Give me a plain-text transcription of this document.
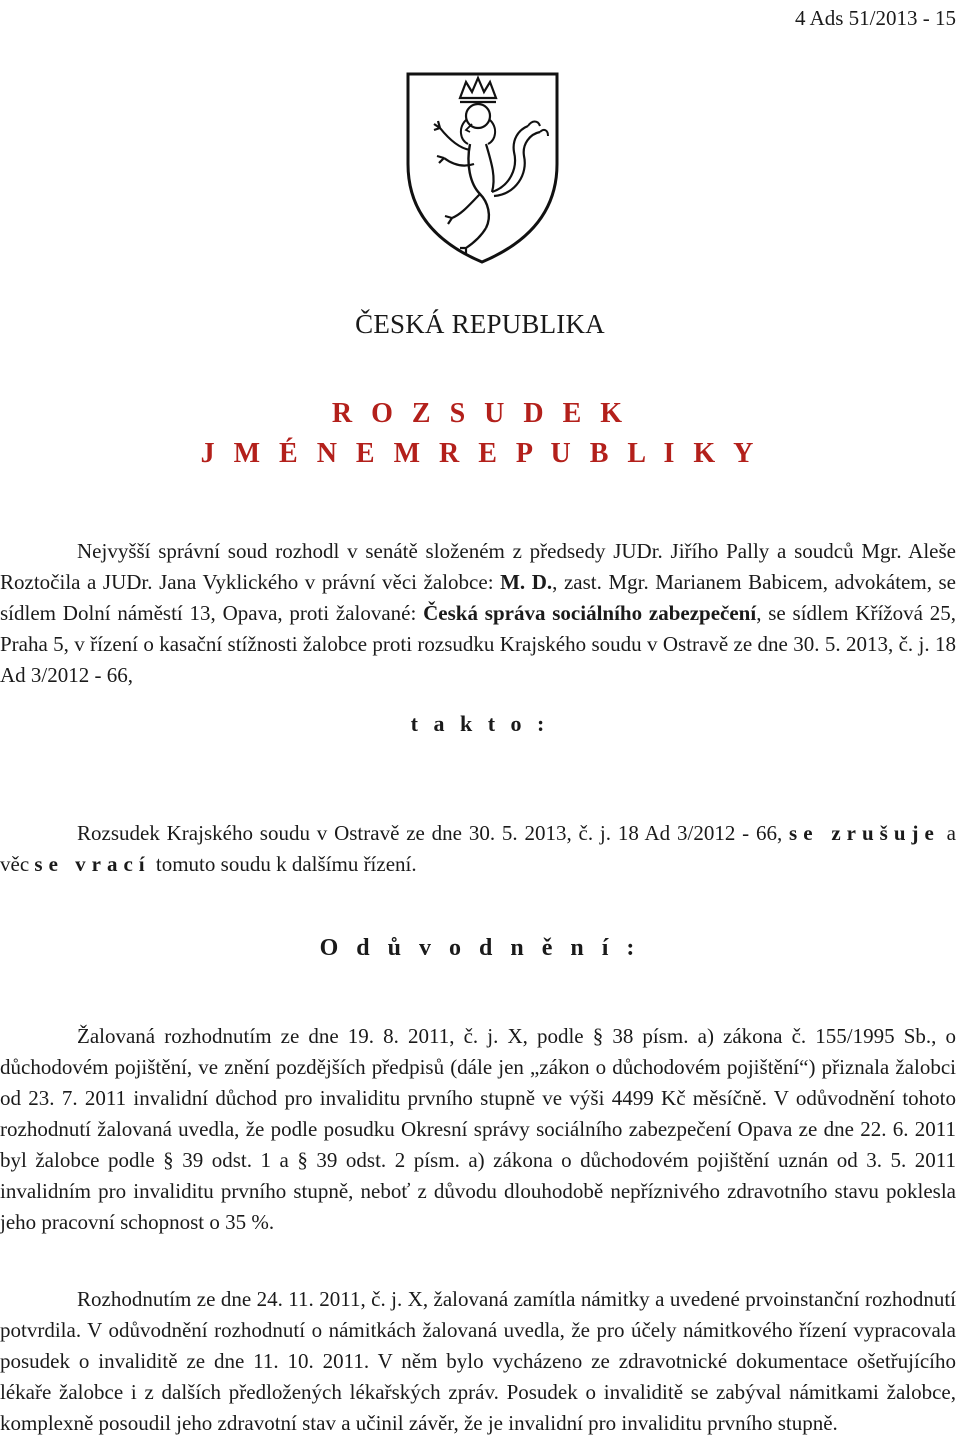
4 Ads 51/2013 - 15
ČESKÁ REPUBLIKA
R O Z S U D E K
J M É N E M R E P U B L I K Y
Nejvyšší správní soud rozhodl v senátě složeném z předsedy JUDr. Jiřího Pally a soudců Mgr. Aleše Roztočila a JUDr. Jana Vyklického v právní věci žalobce: M. D., zast. Mgr. Marianem Babicem, advokátem, se sídlem Dolní náměstí 13, Opava, proti žalované: Česká správa sociálního zabezpečení, se sídlem Křížová 25, Praha 5, v řízení o kasační stížnosti žalobce proti rozsudku Krajského soudu v Ostravě ze dne 30. 5. 2013, č. j. 18 Ad 3/2012 - 66,
t a k t o :
Rozsudek Krajského soudu v Ostravě ze dne 30. 5. 2013, č. j. 18 Ad 3/2012 - 66, se zrušuje a věc se vrací tomuto soudu k dalšímu řízení.
O d ů v o d n ě n í :
Žalovaná rozhodnutím ze dne 19. 8. 2011, č. j. X, podle § 38 písm. a) zákona č. 155/1995 Sb., o důchodovém pojištění, ve znění pozdějších předpisů (dále jen „zákon o důchodovém pojištění“) přiznala žalobci od 23. 7. 2011 invalidní důchod pro invaliditu prvního stupně ve výši 4499 Kč měsíčně. V odůvodnění tohoto rozhodnutí žalovaná uvedla, že podle posudku Okresní správy sociálního zabezpečení Opava ze dne 22. 6. 2011 byl žalobce podle § 39 odst. 1 a § 39 odst. 2 písm. a) zákona o důchodovém pojištění uznán od 3. 5. 2011 invalidním pro invaliditu prvního stupně, neboť z důvodu dlouhodobě nepříznivého zdravotního stavu poklesla jeho pracovní schopnost o 35 %.
Rozhodnutím ze dne 24. 11. 2011, č. j. X, žalovaná zamítla námitky a uvedené prvoinstanční rozhodnutí potvrdila. V odůvodnění rozhodnutí o námitkách žalovaná uvedla, že pro účely námitkového řízení vypracovala posudek o invaliditě ze dne 11. 10. 2011. V něm bylo vycházeno ze zdravotnické dokumentace ošetřujícího lékaře žalobce i z dalších předložených lékařských zpráv. Posudek o invaliditě se zabýval námitkami žalobce, komplexně posoudil jeho zdravotní stav a učinil závěr, že je invalidní pro invaliditu prvního stupně.
